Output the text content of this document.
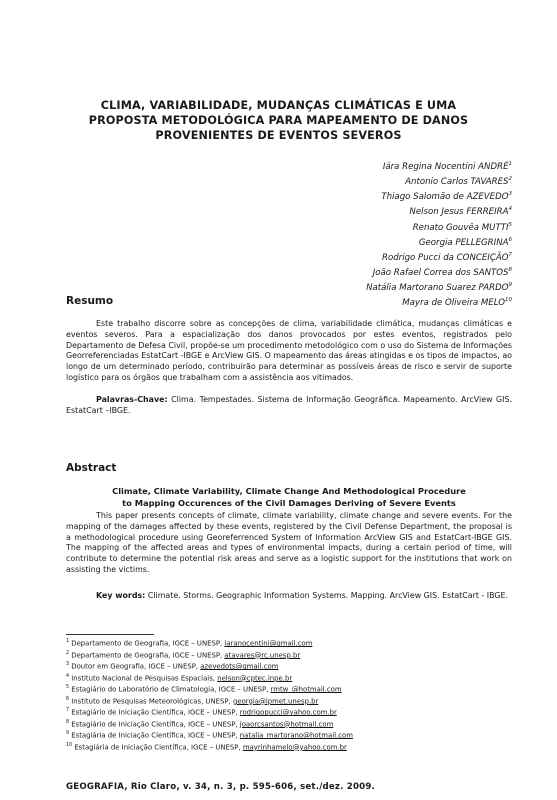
CLIMA, VARIABILIDADE, MUDANÇAS CLIMÁTICAS E UMA
PROPOSTA METODOLÓGICA PARA MAPEAMENTO DE DANOS
PROVENIENTES DE EVENTOS SEVEROS
Iára Regina Nocentini ANDRÉ$^1$
Antonio Carlos TAVARES$^2$
Thiago Salomão de AZEVEDO$^3$
Nelson Jesus FERREIRA$^4$
Renato Gouvêa MUTTI$^5$
Georgia PELLEGRINA$^6$
Rodrigo Pucci da CONCEIÇÃO$^7$
João Rafael Correa dos SANTOS$^8$
Natália Martorano Suarez PARDO$^9$
Mayra de Oliveira MELO$^{10}$
Resumo
Este trabalho discorre sobre as concepções de clima, variabilidade climática, mudanças climáticas e eventos severos. Para a espacialização dos danos provocados por estes eventos, registrados pelo Departamento de Defesa Civil, propõe-se um procedimento metodológico com o uso do Sistema de Informações Georreferenciadas EstatCart -IBGE e ArcView GIS. O mapeamento das áreas atingidas e os tipos de impactos, ao longo de um determinado período, contribuirão para determinar as possíveis áreas de risco e servir de suporte logístico para os órgãos que trabalham com a assistência aos vitimados.
Palavras-Chave: Clima. Tempestades. Sistema de Informação Geográfica. Mapeamento. ArcView GIS. EstatCart –IBGE.
Abstract
Climate, Climate Variability, Climate Change And Methodological Procedure
to Mapping Occurences of the Civil Damages Deriving of Severe Events
This paper presents concepts of climate, climate variability, climate change and severe events. For the mapping of the damages affected by these events, registered by the Civil Defense Department, the proposal is a methodological procedure using Georeferrenced System of Information ArcView GIS and EstatCart-IBGE GIS. The mapping of the affected areas and types of environmental impacts, during a certain period of time, will contribute to determine the potential risk areas and serve as a logistic support for the institutions that work on assisting the victims.
Key words: Climate. Storms. Geographic Information Systems. Mapping. ArcView GIS. EstatCart - IBGE.
$^1$ Departamento de Geografia, IGCE – UNESP, iaranocentini@gmail.com
$^2$ Departamento de Geografia, IGCE – UNESP, atavares@rc.unesp.br
$^3$ Doutor em Geografia, IGCE – UNESP, azevedots@gmail.com
$^4$ Instituto Nacional de Pesquisas Espaciais, nelson@cptec.inpe.br
$^5$ Estagiário do Laboratório de Climatologia, IGCE – UNESP, rmtw_@hotmail.com
$^6$ Instituto de Pesquisas Meteorológicas, UNESP, georgia@ipmet.unesp.br
$^7$ Estagiário de Iniciação Científica, IGCE – UNESP, rodrigopucci@yahoo.com.br
$^8$ Estagiário de Iniciação Científica, IGCE – UNESP, joaorcsantos@hotmail.com
$^9$ Estagiária de Iniciação Científica, IGCE – UNESP, natalia_martorano@hotmail.com
$^{10}$ Estagiária de Iniciação Científica, IGCE – UNESP, mayrinhamelo@yahoo.com.br
GEOGRAFIA, Rio Claro, v. 34, n. 3, p. 595-606, set./dez. 2009.
